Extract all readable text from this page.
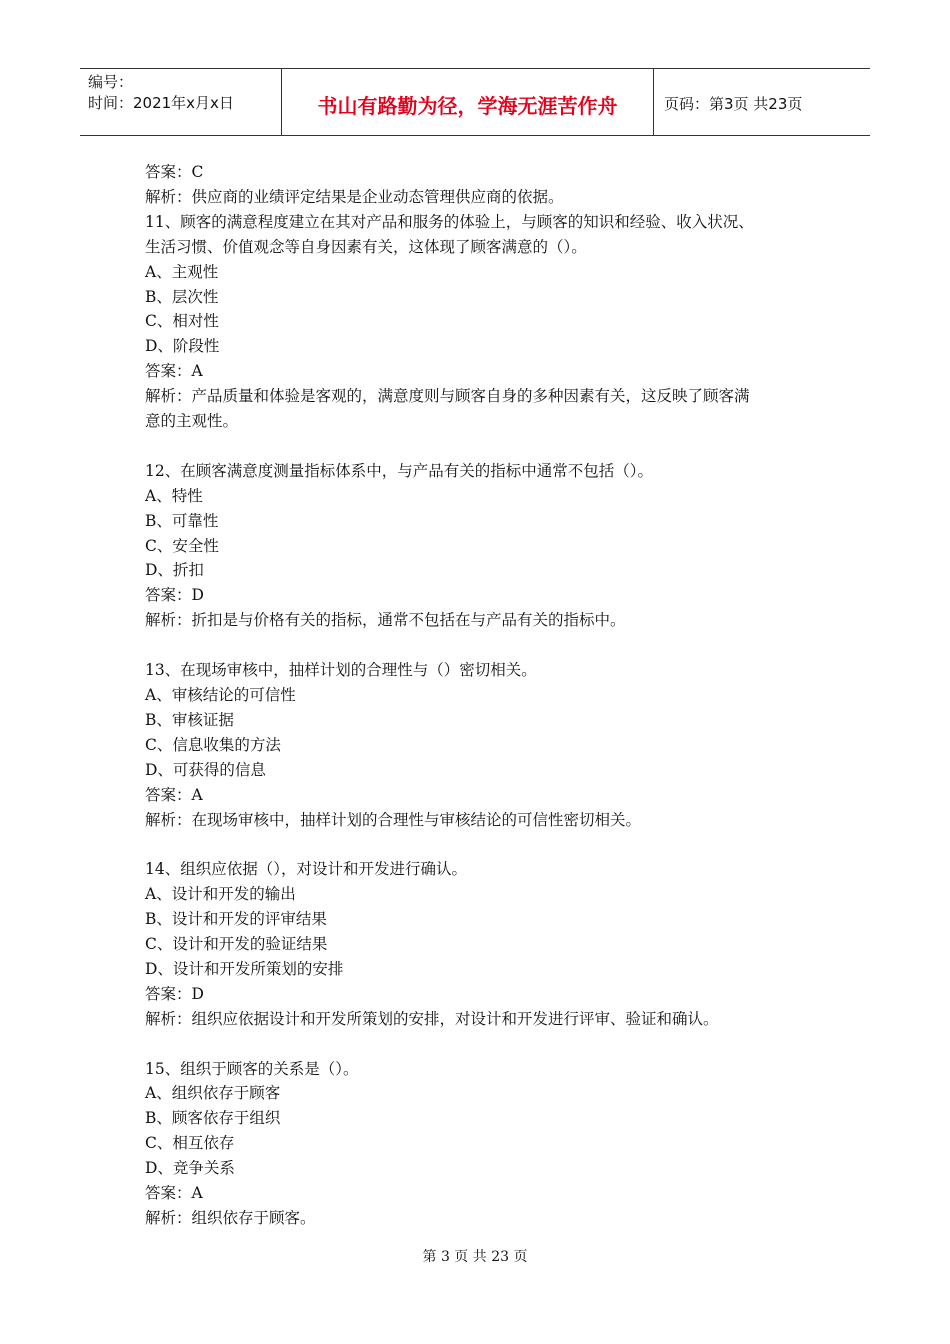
编号：
时间：2021年x月x日	书山有路勤为径，学海无涯苦作舟	页码：第3页 共23页
答案：C
解析：供应商的业绩评定结果是企业动态管理供应商的依据。
11、顾客的满意程度建立在其对产品和服务的体验上，与顾客的知识和经验、收入状况、
生活习惯、价值观念等自身因素有关，这体现了顾客满意的（）。
A、主观性
B、层次性
C、相对性
D、阶段性
答案：A
解析：产品质量和体验是客观的，满意度则与顾客自身的多种因素有关，这反映了顾客满
意的主观性。
12、在顾客满意度测量指标体系中，与产品有关的指标中通常不包括（）。
A、特性
B、可靠性
C、安全性
D、折扣
答案：D
解析：折扣是与价格有关的指标，通常不包括在与产品有关的指标中。
13、在现场审核中，抽样计划的合理性与（）密切相关。
A、审核结论的可信性
B、审核证据
C、信息收集的方法
D、可获得的信息
答案：A
解析：在现场审核中，抽样计划的合理性与审核结论的可信性密切相关。
14、组织应依据（），对设计和开发进行确认。
A、设计和开发的输出
B、设计和开发的评审结果
C、设计和开发的验证结果
D、设计和开发所策划的安排
答案：D
解析：组织应依据设计和开发所策划的安排，对设计和开发进行评审、验证和确认。
15、组织于顾客的关系是（）。
A、组织依存于顾客
B、顾客依存于组织
C、相互依存
D、竞争关系
答案：A
解析：组织依存于顾客。
第 3 页 共 23 页
